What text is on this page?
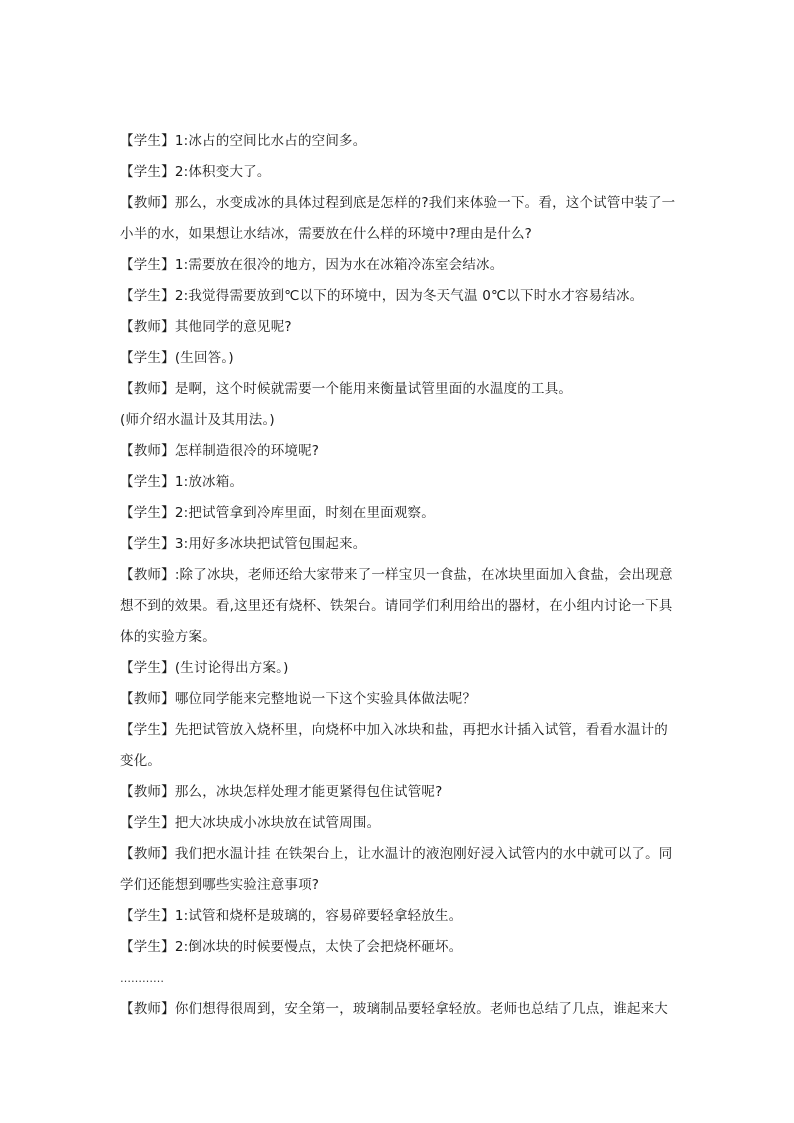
【学生】1:冰占的空间比水占的空间多。

【学生】2:体积变大了。

【教师】那么，水变成冰的具体过程到底是怎样的?我们来体验一下。看，这个试管中装了一小半的水，如果想让水结冰，需要放在什么样的环境中?理由是什么?

【学生】1:需要放在很冷的地方，因为水在冰箱冷冻室会结冰。

【学生】2:我觉得需要放到℃以下的环境中，因为冬天气温 0℃以下时水才容易结冰。

【教师】其他同学的意见呢?

【学生】(生回答。)

【教师】是啊，这个时候就需要一个能用来衡量试管里面的水温度的工具。

(师介绍水温计及其用法。)

【教师】怎样制造很冷的环境呢?

【学生】1:放冰箱。

【学生】2:把试管拿到冷库里面，时刻在里面观察。

【学生】3:用好多冰块把试管包围起来。

【教师】:除了冰块，老师还给大家带来了一样宝贝一食盐，在冰块里面加入食盐，会出现意想不到的效果。看,这里还有烧杯、铁架台。请同学们利用给出的器材，在小组内讨论一下具体的实验方案。

【学生】(生讨论得出方案。)

【教师】哪位同学能来完整地说一下这个实验具体做法呢？

【学生】先把试管放入烧杯里，向烧杯中加入冰块和盐，再把水计插入试管，看看水温计的变化。

【教师】那么，冰块怎样处理才能更紧得包住试管呢?

【学生】把大冰块成小冰块放在试管周围。

【教师】我们把水温计挂 在铁架台上，让水温计的液泡刚好浸入试管内的水中就可以了。同学们还能想到哪些实验注意事项?

【学生】1:试管和烧杯是玻璃的，容易碎要轻拿轻放生。

【学生】2:倒冰块的时候要慢点，太快了会把烧杯砸坏。

…………

【教师】你们想得很周到，安全第一，玻璃制品要轻拿轻放。老师也总结了几点，谁起来大
